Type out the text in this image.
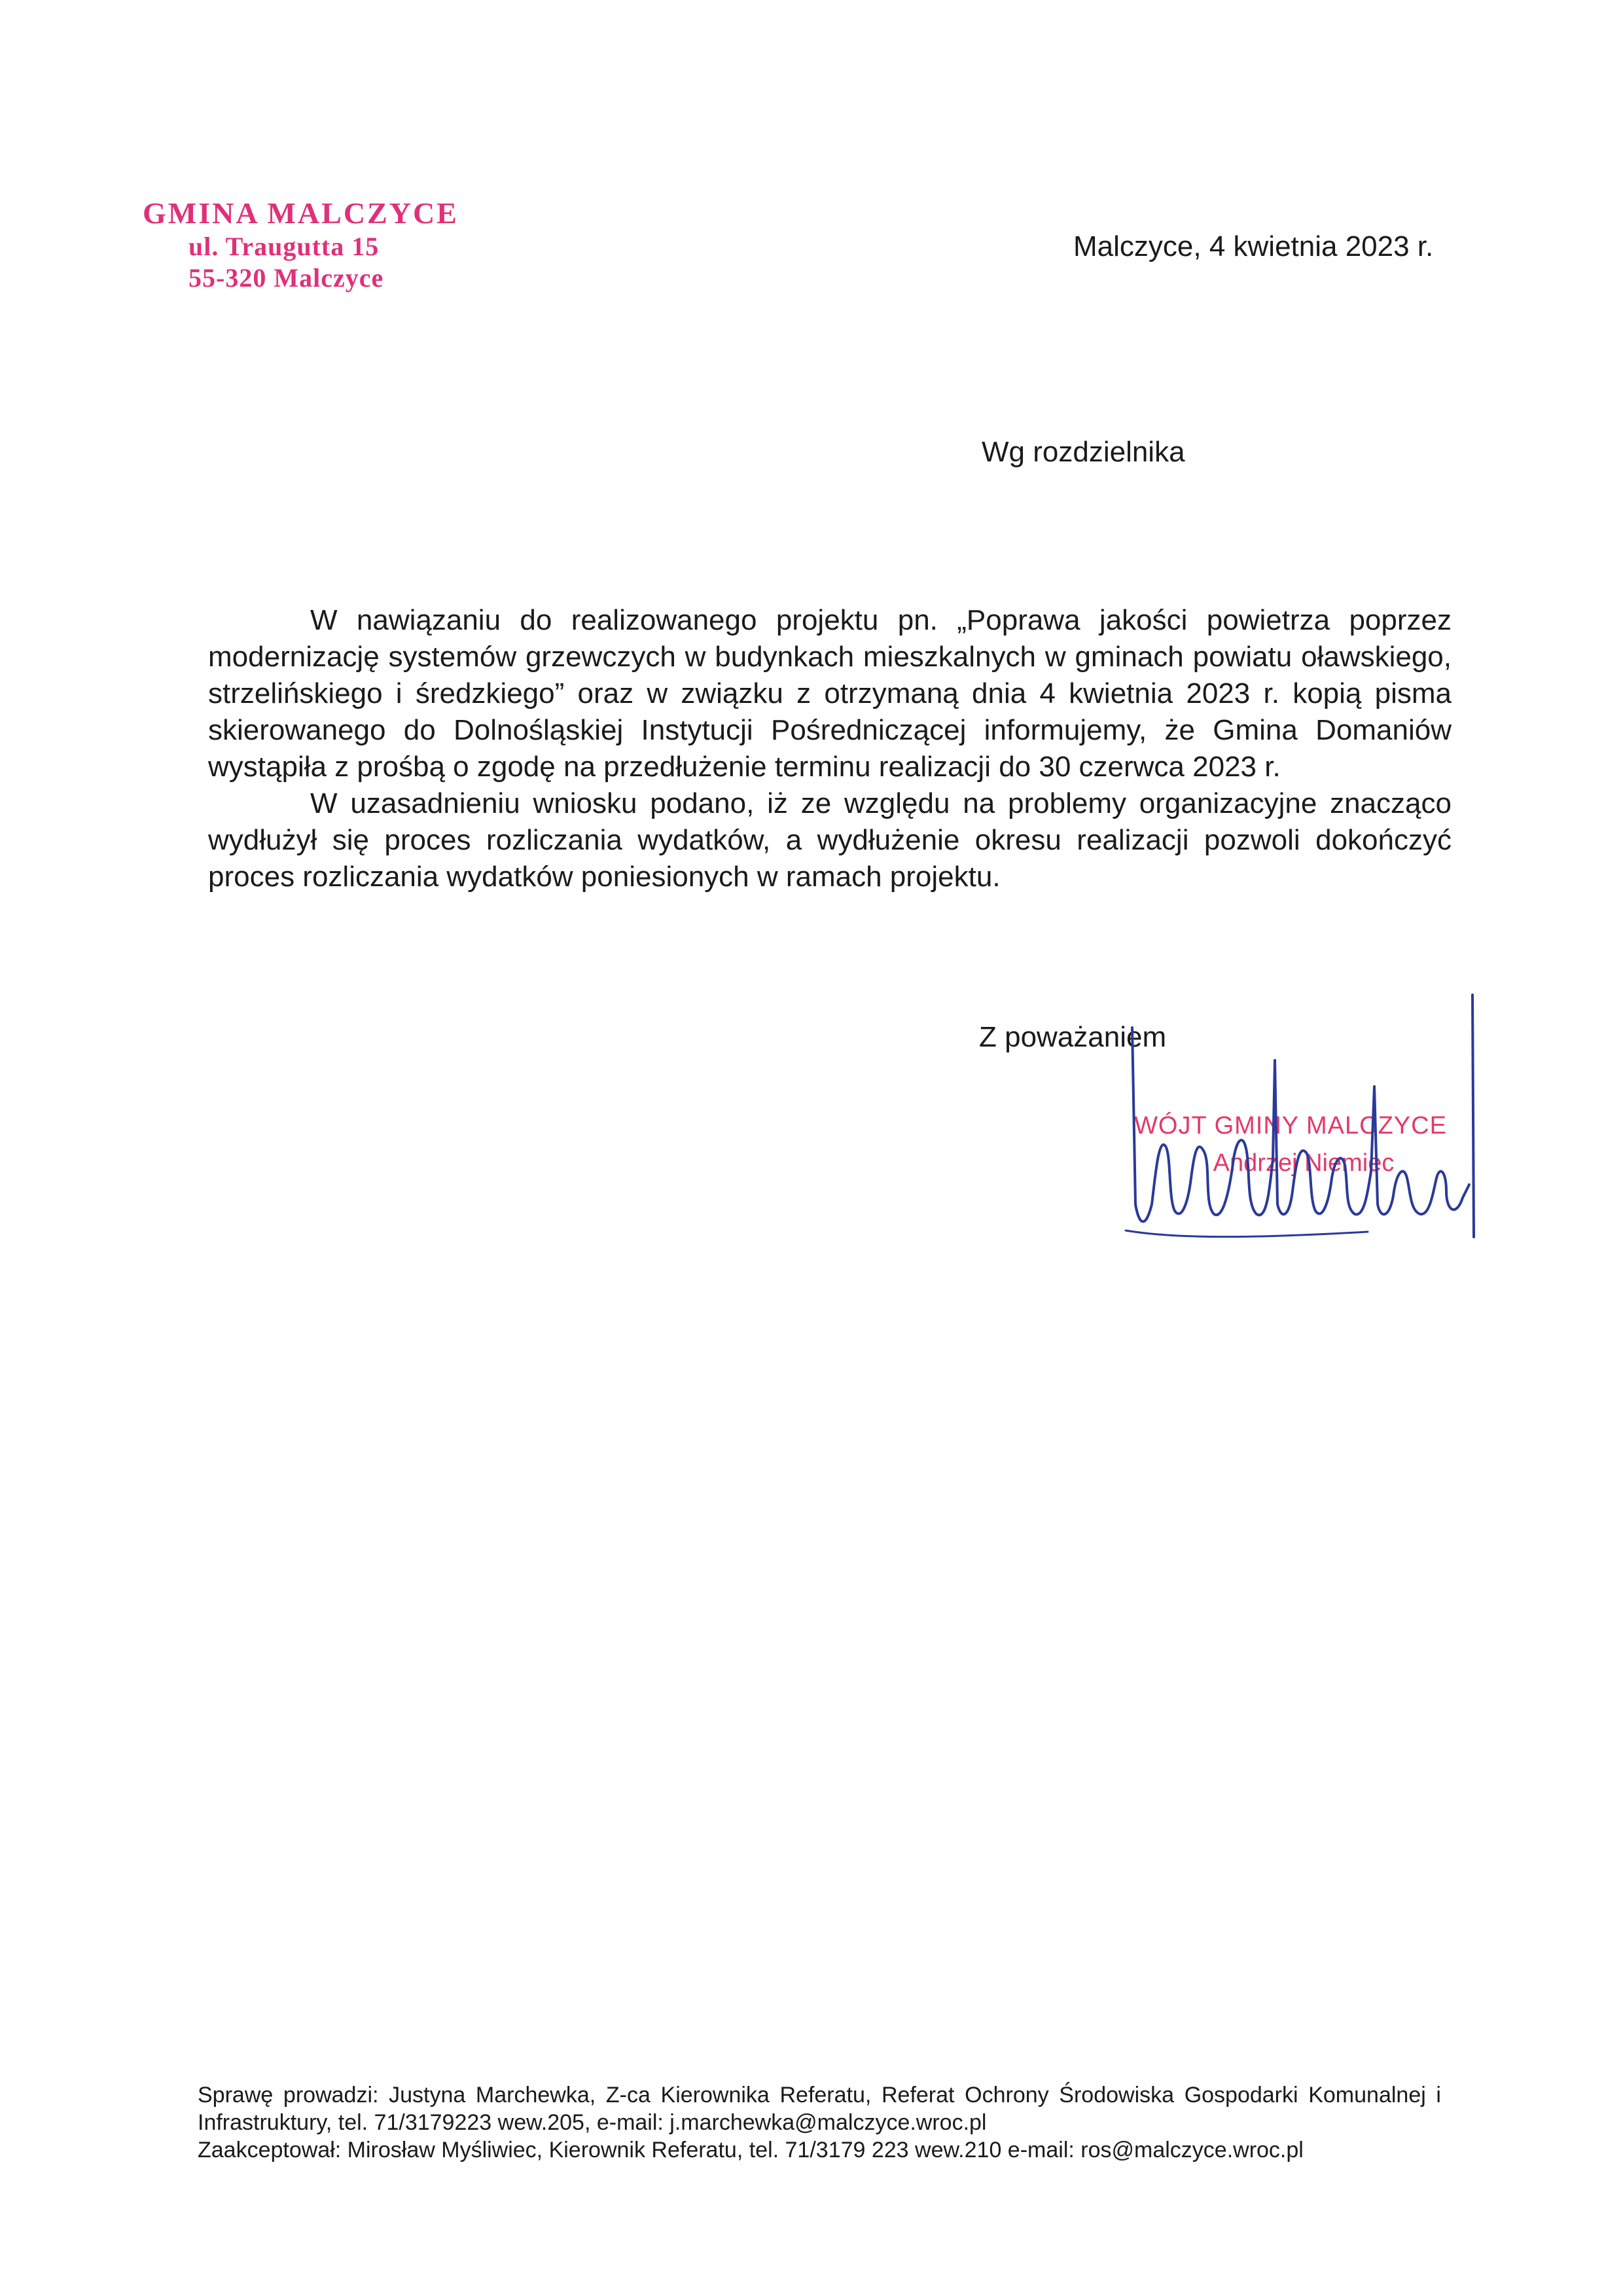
GMINA MALCZYCE
ul. Traugutta 15
55-320 Malczyce
Malczyce, 4 kwietnia 2023 r.
Wg rozdzielnika

W nawiązaniu do realizowanego projektu pn. „Poprawa jakości powietrza poprzez modernizację systemów grzewczych w budynkach mieszkalnych w gminach powiatu oławskiego, strzelińskiego i średzkiego” oraz w związku z otrzymaną dnia 4 kwietnia 2023 r. kopią pisma skierowanego do Dolnośląskiej Instytucji Pośredniczącej informujemy, że Gmina Domaniów wystąpiła z prośbą o zgodę na przedłużenie terminu realizacji do 30 czerwca 2023 r.

W uzasadnieniu wniosku podano, iż ze względu na problemy organizacyjne znacząco wydłużył się proces rozliczania wydatków, a wydłużenie okresu realizacji pozwoli dokończyć proces rozliczania wydatków poniesionych w ramach projektu.

Z poważaniem
WÓJT GMINY MALCZYCE
Andrzej Niemiec

Sprawę prowadzi: Justyna Marchewka, Z-ca Kierownika Referatu, Referat Ochrony Środowiska Gospodarki Komunalnej i Infrastruktury, tel. 71/3179223 wew.205, e-mail: j.marchewka@malczyce.wroc.pl

Zaakceptował: Mirosław Myśliwiec, Kierownik Referatu, tel. 71/3179 223 wew.210 e-mail: ros@malczyce.wroc.pl
